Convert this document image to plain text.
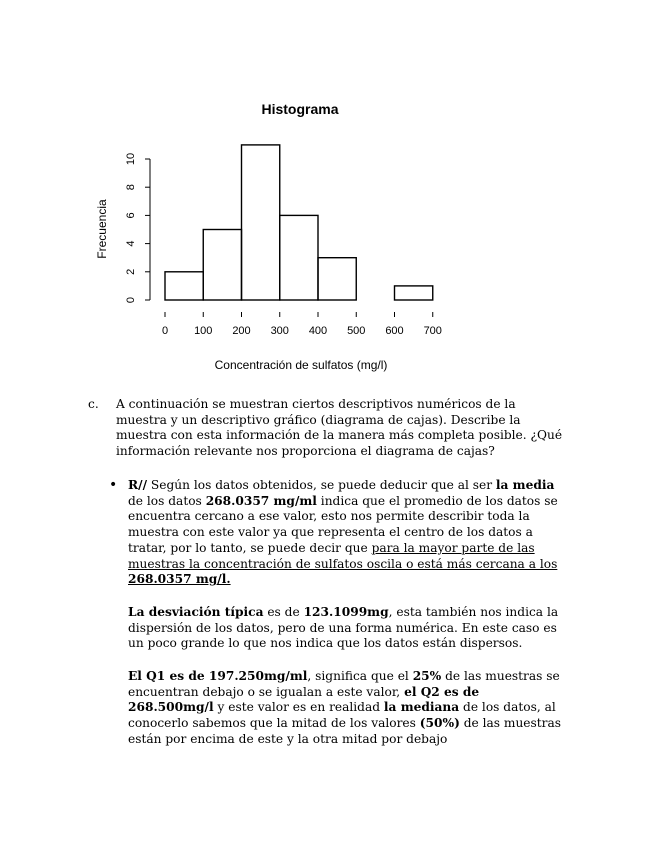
Histograma
Frecuencia
Concentración de sulfatos (mg/l)
0
2
4
6
8
10
0 100 200 300 400 500 600 700
c. A continuación se muestran ciertos descriptivos numéricos de la muestra y un descriptivo gráfico (diagrama de cajas). Describe la muestra con esta información de la manera más completa posible. ¿Qué información relevante nos proporciona el diagrama de cajas?
• R// Según los datos obtenidos, se puede deducir que al ser la media de los datos 268.0357 mg/ml indica que el promedio de los datos se encuentra cercano a ese valor, esto nos permite describir toda la muestra con este valor ya que representa el centro de los datos a tratar, por lo tanto, se puede decir que para la mayor parte de las muestras la concentración de sulfatos oscila o está más cercana a los 268.0357 mg/l.

La desviación típica es de 123.1099mg, esta también nos indica la dispersión de los datos, pero de una forma numérica. En este caso es un poco grande lo que nos indica que los datos están dispersos.

El Q1 es de 197.250mg/ml, significa que el 25% de las muestras se encuentran debajo o se igualan a este valor, el Q2 es de 268.500mg/l y este valor es en realidad la mediana de los datos, al conocerlo sabemos que la mitad de los valores (50%) de las muestras están por encima de este y la otra mitad por debajo
